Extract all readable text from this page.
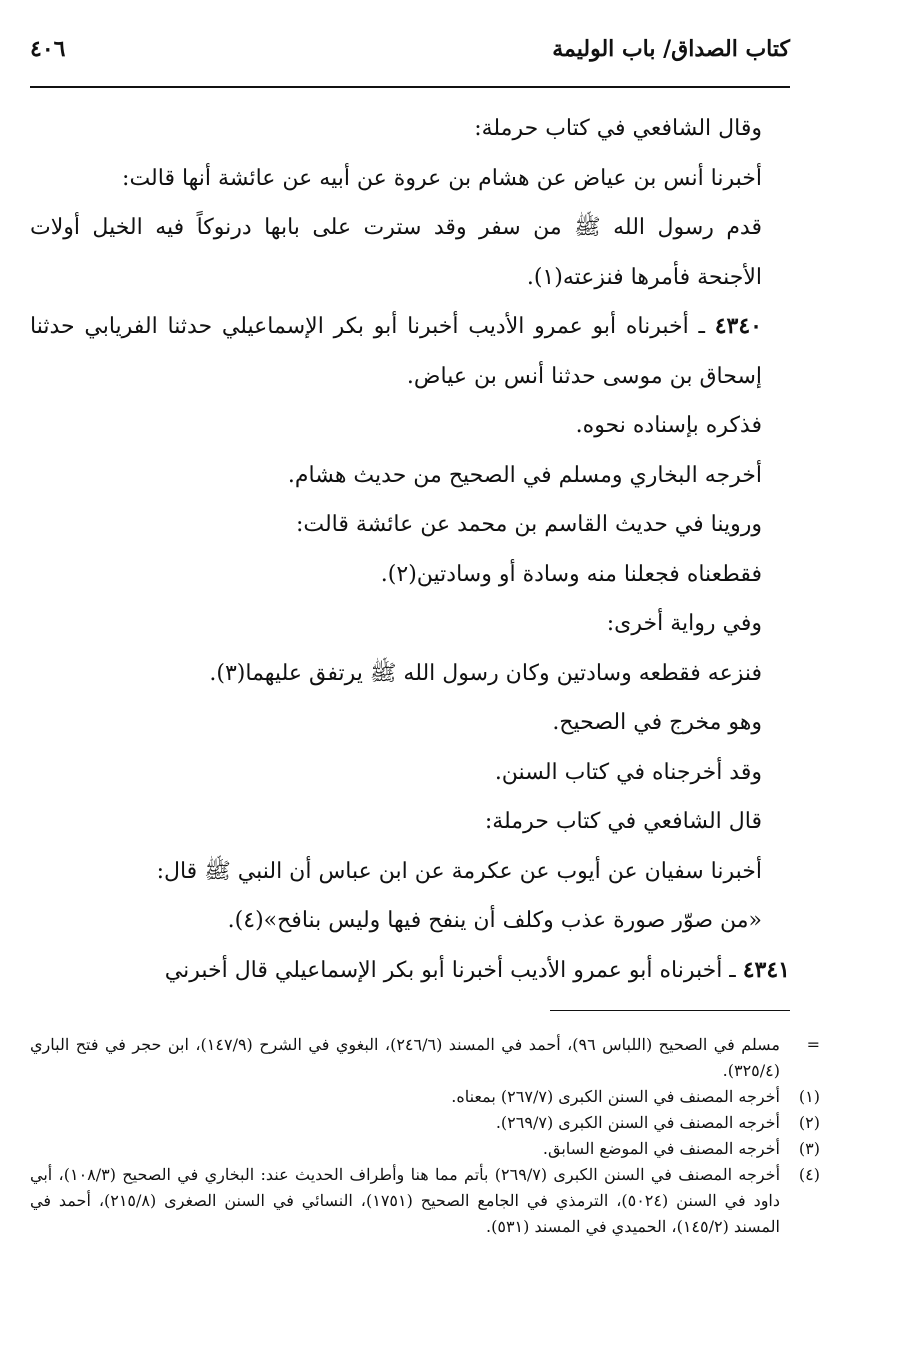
كتاب الصداق/ باب الوليمة
٤٠٦

وقال الشافعي في كتاب حرملة:

أخبرنا أنس بن عياض عن هشام بن عروة عن أبيه عن عائشة أنها قالت:

قدم رسول الله ﷺ من سفر وقد سترت على بابها درنوكاً فيه الخيل أولات الأجنحة فأمرها فنزعته(١).

٤٣٤٠ ـ أخبرناه أبو عمرو الأديب أخبرنا أبو بكر الإسماعيلي حدثنا الفريابي حدثنا إسحاق بن موسى حدثنا أنس بن عياض.

فذكره بإسناده نحوه.

أخرجه البخاري ومسلم في الصحيح من حديث هشام.

وروينا في حديث القاسم بن محمد عن عائشة قالت:

فقطعناه فجعلنا منه وسادة أو وسادتين(٢).

وفي رواية أخرى:

فنزعه فقطعه وسادتين وكان رسول الله ﷺ يرتفق عليهما(٣).

وهو مخرج في الصحيح.

وقد أخرجناه في كتاب السنن.

قال الشافعي في كتاب حرملة:

أخبرنا سفيان عن أيوب عن عكرمة عن ابن عباس أن النبي ﷺ قال:

«من صوّر صورة عذب وكلف أن ينفح فيها وليس بنافح»(٤).

٤٣٤١ ـ أخبرناه أبو عمرو الأديب أخبرنا أبو بكر الإسماعيلي قال أخبرني

=
مسلم في الصحيح (اللباس ٩٦)، أحمد في المسند (٢٤٦/٦)، البغوي في الشرح (١٤٧/٩)، ابن حجر في فتح الباري (٣٢٥/٤).
(١)
أخرجه المصنف في السنن الكبرى (٢٦٧/٧) بمعناه.
(٢)
أخرجه المصنف في السنن الكبرى (٢٦٩/٧).
(٣)
أخرجه المصنف في الموضع السابق.
(٤)
أخرجه المصنف في السنن الكبرى (٢٦٩/٧) بأتم مما هنا وأطراف الحديث عند: البخاري في الصحيح (١٠٨/٣)، أبي داود في السنن (٥٠٢٤)، الترمذي في الجامع الصحيح (١٧٥١)، النسائي في السنن الصغرى (٢١٥/٨)، أحمد في المسند (١٤٥/٢)، الحميدي في المسند (٥٣١).
